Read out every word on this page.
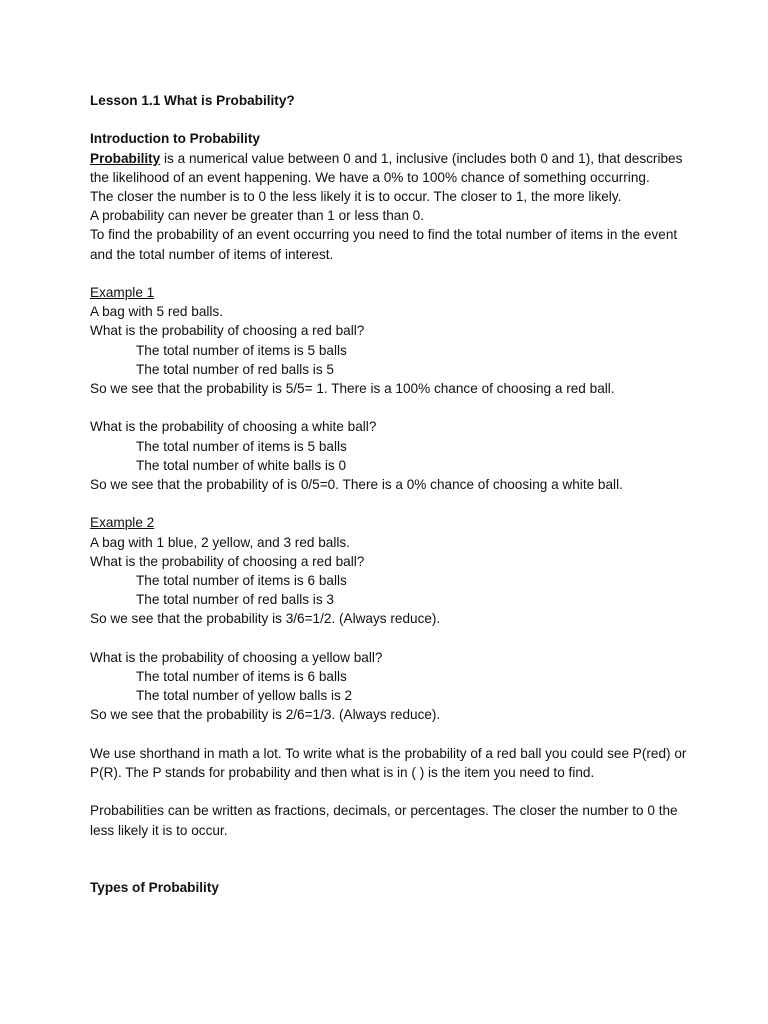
Lesson 1.1 What is Probability?

Introduction to Probability

Probability is a numerical value between 0 and 1, inclusive (includes both 0 and 1), that describes the likelihood of an event happening. We have a 0% to 100% chance of something occurring.

The closer the number is to 0 the less likely it is to occur. The closer to 1, the more likely.

A probability can never be greater than 1 or less than 0.

To find the probability of an event occurring you need to find the total number of items in the event and the total number of items of interest.

Example 1

A bag with 5 red balls.

What is the probability of choosing a red ball?

The total number of items is 5 balls

The total number of red balls is 5

So we see that the probability is 5/5= 1. There is a 100% chance of choosing a red ball.

What is the probability of choosing a white ball?

The total number of items is 5 balls

The total number of white balls is 0

So we see that the probability of is 0/5=0. There is a 0% chance of choosing a white ball.

Example 2

A bag with 1 blue, 2 yellow, and 3 red balls.

What is the probability of choosing a red ball?

The total number of items is 6 balls

The total number of red balls is 3

So we see that the probability is 3/6=1/2. (Always reduce).

What is the probability of choosing a yellow ball?

The total number of items is 6 balls

The total number of yellow balls is 2

So we see that the probability is 2/6=1/3. (Always reduce).

We use shorthand in math a lot. To write what is the probability of a red ball you could see P(red) or P(R). The P stands for probability and then what is in ( ) is the item you need to find.

Probabilities can be written as fractions, decimals, or percentages. The closer the number to 0 the less likely it is to occur.

Types of Probability
